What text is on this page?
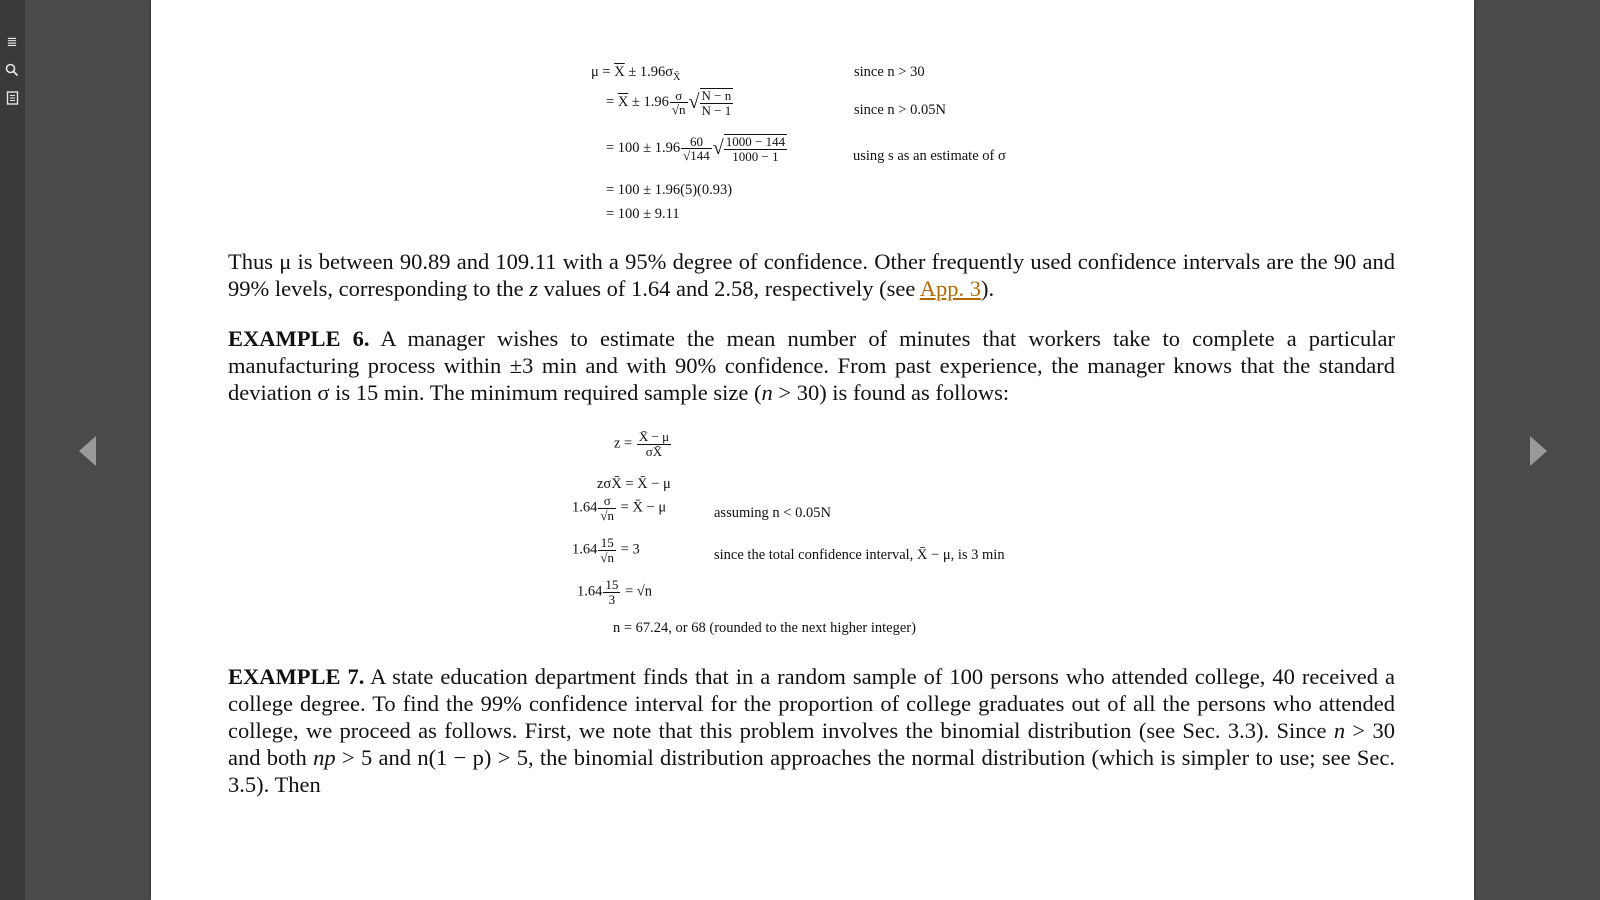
≣
$\mu = \overline{X} \pm 1.96\sigma_{X̄}$	since n > 30
= $\overline{X} \pm 1.96 \frac{\sigma}{√n}$ √ $\frac{N - n}{N - 1}$	since n > 0.05N
= $100 \pm 1.96 \frac{60}{√144}$ √ $\frac{1000 - 144}{1000 - 1}$	using s as an estimate of σ
= 100 ± 1.96(5)(0.93)
= 100 ± 9.11
Thus μ is between 90.89 and 109.11 with a 95% degree of confidence. Other frequently used confidence intervals are the 90 and 99% levels, corresponding to the z values of 1.64 and 2.58, respectively (see App. 3).
EXAMPLE 6. A manager wishes to estimate the mean number of minutes that workers take to complete a particular manufacturing process within ±3 min and with 90% confidence. From past experience, the manager knows that the standard deviation σ is 15 min. The minimum required sample size (n > 30) is found as follows:
$z = \frac{X̄ - \mu}{\sigma X̄}$
zσX̄ = X̄ − μ
$1.64 \frac{\sigma}{√n}$ = X̄ − μ	assuming n < 0.05N
$1.64 \frac{15}{√n} = 3$	since the total confidence interval, X̄ − μ, is 3 min
$1.64 \frac{15}{3} = √n$
n = 67.24, or 68 (rounded to the next higher integer)
EXAMPLE 7. A state education department finds that in a random sample of 100 persons who attended college, 40 received a college degree. To find the 99% confidence interval for the proportion of college graduates out of all the persons who attended college, we proceed as follows. First, we note that this problem involves the binomial distribution (see Sec. 3.3). Since n > 30 and both np > 5 and n(1 − p) > 5, the binomial distribution approaches the normal distribution (which is simpler to use; see Sec. 3.5). Then
